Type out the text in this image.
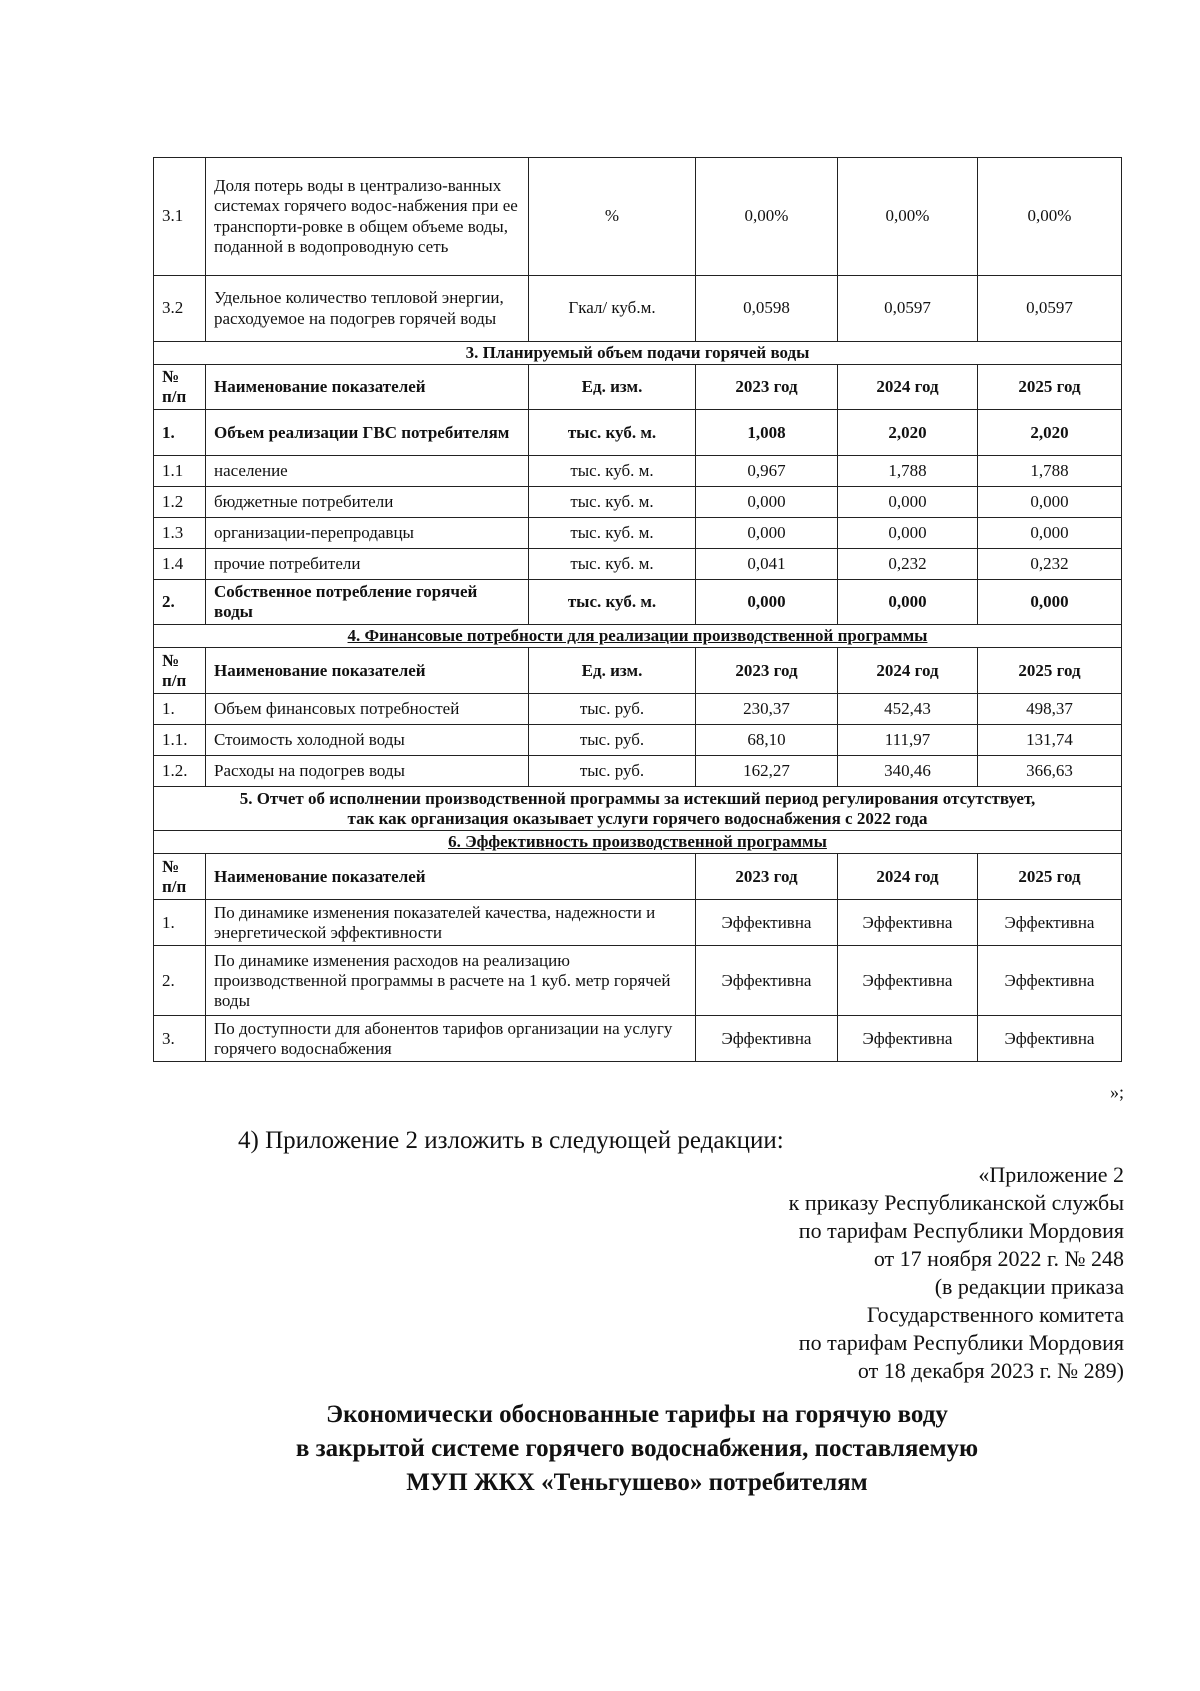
3.1	Доля потерь воды в централизо-ванных системах горячего водос-набжения при ее транспорти-ровке в общем объеме воды, поданной в водопроводную сеть	%	0,00%	0,00%	0,00%
3.2	Удельное количество тепловой энергии, расходуемое на подогрев горячей воды	Гкал/ куб.м.	0,0598	0,0597	0,0597
3. Планируемый объем подачи горячей воды					
№ п/п	Наименование показателей	Ед. изм.	2023 год	2024 год	2025 год
1.	Объем реализации ГВС потребителям	тыс. куб. м.	1,008	2,020	2,020
1.1	население	тыс. куб. м.	0,967	1,788	1,788
1.2	бюджетные потребители	тыс. куб. м.	0,000	0,000	0,000
1.3	организации-перепродавцы	тыс. куб. м.	0,000	0,000	0,000
1.4	прочие потребители	тыс. куб. м.	0,041	0,232	0,232
2.	Собственное потребление горячей воды	тыс. куб. м.	0,000	0,000	0,000
4. Финансовые потребности для реализации производственной программы					
№ п/п	Наименование показателей	Ед. изм.	2023 год	2024 год	2025 год
1.	Объем финансовых потребностей	тыс. руб.	230,37	452,43	498,37
1.1.	Стоимость холодной воды	тыс. руб.	68,10	111,97	131,74
1.2.	Расходы на подогрев воды	тыс. руб.	162,27	340,46	366,63

5. Отчет об исполнении производственной программы за истекший период регулирования отсутствует,
так как организация оказывает услуги горячего водоснабжения с 2022 года					

6. Эффективность производственной программы					
№ п/п	Наименование показателей		2023 год	2024 год	2025 год
1.	По динамике изменения показателей качества, надежности и энергетической эффективности		Эффективна	Эффективна	Эффективна
2.	По динамике изменения расходов на реализацию производственной программы в расчете на 1 куб. метр горячей воды		Эффективна	Эффективна	Эффективна
3.	По доступности для абонентов тарифов организации на услугу горячего водоснабжения		Эффективна	Эффективна	Эффективна
»;
4) Приложение 2 изложить в следующей редакции:
«Приложение 2
к приказу Республиканской службы
по тарифам Республики Мордовия
от 17 ноября 2022 г. № 248
(в редакции приказа
Государственного комитета
по тарифам Республики Мордовия
от 18 декабря 2023 г. № 289)
Экономически обоснованные тарифы на горячую воду
в закрытой системе горячего водоснабжения, поставляемую
МУП ЖКХ «Теньгушево» потребителям
